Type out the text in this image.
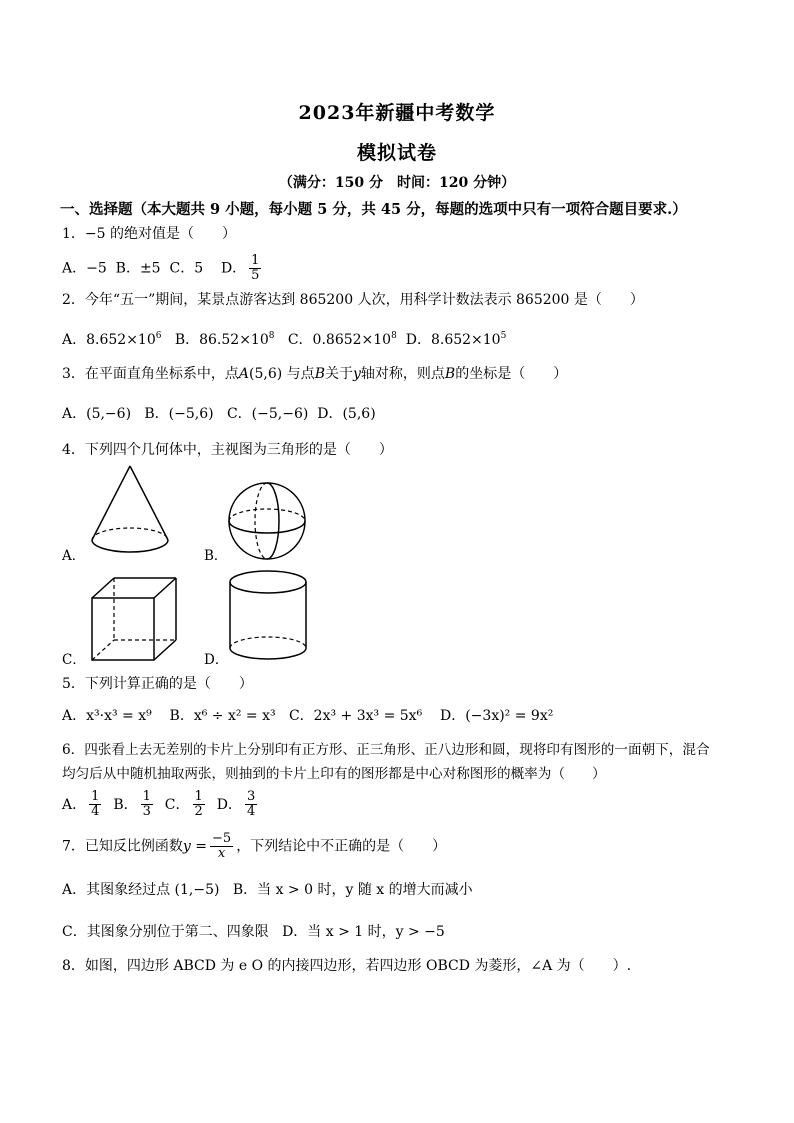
2023年新疆中考数学
模拟试卷
（满分：150 分　时间：120 分钟）
一、选择题（本大题共 9 小题，每小题 5 分，共 45 分，每题的选项中只有一项符合题目要求.）
1．−5 的绝对值是（　　）
A．−5 B．±5 C．5 D． $\frac{1}{5}$
2．今年“五一”期间，某景点游客达到 865200 人次，用科学计数法表示 865200 是（　　）
A．$8.652\times 10^6$ B．$86.52\times 10^8$ C．$0.8652\times 10^8$ D．$8.652\times 10^5$
3．在平面直角坐标系中，点A(5,6) 与点B关于y轴对称，则点B的坐标是（　　）
A．(5,−6) B．(−5,6) C．(−5,−6) D．(5,6)
4．下列四个几何体中，主视图为三角形的是（　　）
A．	B．
C．	D．
5．下列计算正确的是（　　）
A．x³·x³ = x⁹ B．x⁶ ÷ x² = x³ C．2x³ + 3x³ = 5x⁶ D．(−3x)² = 9x²
6．四张看上去无差别的卡片上分别印有正方形、正三角形、正八边形和圆，现将印有图形的一面朝下，混合
均匀后从中随机抽取两张，则抽到的卡片上印有的图形都是中心对称图形的概率为（　　）
A． $\frac{1}{4}$ B． $\frac{1}{3}$ C． $\frac{1}{2}$ D． $\frac{3}{4}$
7．已知反比例函数$y = \frac{-5}{x}$ ，下列结论中不正确的是（　　）
A．其图象经过点 (1,−5) B．当 x > 0 时，y 随 x 的增大而减小
C．其图象分别位于第二、四象限 D．当 x > 1 时，y > −5
8．如图，四边形 ABCD 为 e O 的内接四边形，若四边形 OBCD 为菱形，∠A 为（　　）.
